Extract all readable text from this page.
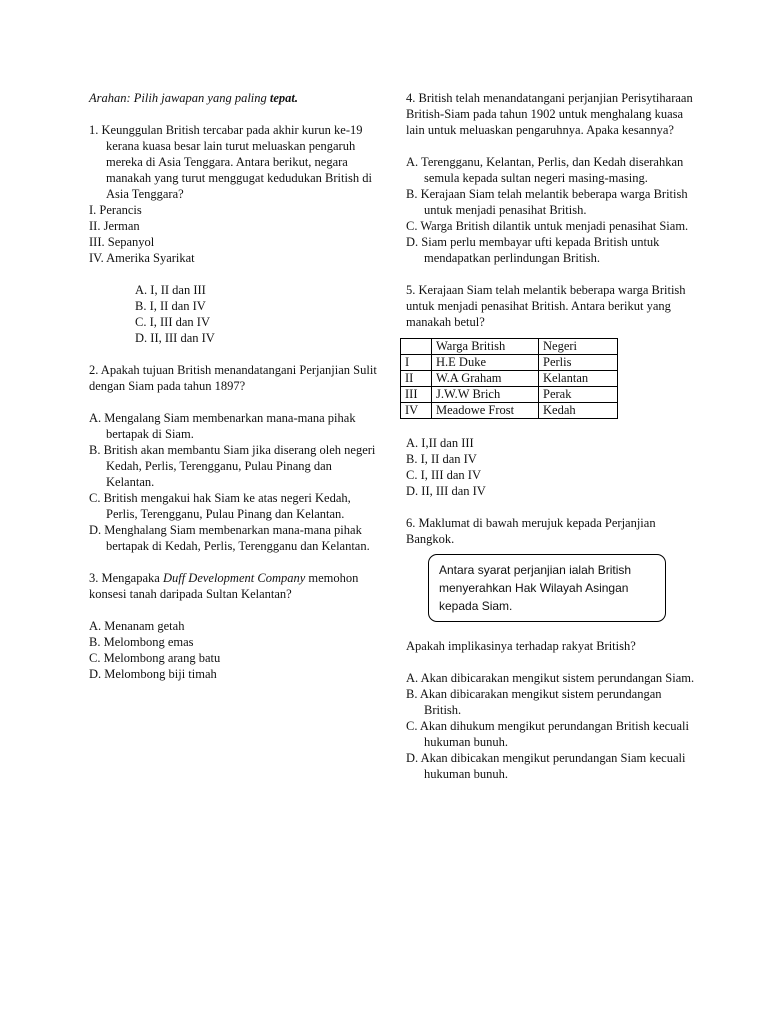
Arahan: Pilih jawapan yang paling tepat.

1. Keunggulan British tercabar pada akhir kurun ke-19 kerana kuasa besar lain turut meluaskan pengaruh mereka di Asia Tenggara. Antara berikut, negara manakah yang turut menggugat kedudukan British di Asia Tenggara?

I. Perancis

II. Jerman

III. Sepanyol

IV. Amerika Syarikat

A. I, II dan III

B. I, II dan IV

C. I, III dan IV

D. II, III dan IV

2. Apakah tujuan British menandatangani Perjanjian Sulit dengan Siam pada tahun 1897?

A. Mengalang Siam membenarkan mana-mana pihak bertapak di Siam.

B. British akan membantu Siam jika diserang oleh negeri Kedah, Perlis, Terengganu, Pulau Pinang dan Kelantan.

C. British mengakui hak Siam ke atas negeri Kedah, Perlis, Terengganu, Pulau Pinang dan Kelantan.

D. Menghalang Siam membenarkan mana-mana pihak bertapak di Kedah, Perlis, Terengganu dan Kelantan.

3. Mengapaka Duff Development Company memohon konsesi tanah daripada Sultan Kelantan?

A. Menanam getah

B. Melombong emas

C. Melombong arang batu

D. Melombong biji timah

4. British telah menandatangani perjanjian Perisytiharaan British-Siam pada tahun 1902 untuk menghalang kuasa lain untuk meluaskan pengaruhnya. Apaka kesannya?

A. Terengganu, Kelantan, Perlis, dan Kedah diserahkan semula kepada sultan negeri masing-masing.

B. Kerajaan Siam telah melantik beberapa warga British untuk menjadi penasihat British.

C. Warga British dilantik untuk menjadi penasihat Siam.

D. Siam perlu membayar ufti kepada British untuk mendapatkan perlindungan British.

5. Kerajaan Siam telah melantik beberapa warga British untuk menjadi penasihat British. Antara berikut yang manakah betul?

	Warga British	Negeri
I	H.E Duke	Perlis
II	W.A Graham	Kelantan
III	J.W.W Brich	Perak
IV	Meadowe Frost	Kedah

A. I,II dan III

B. I, II dan IV

C. I, III dan IV

D. II, III dan IV

6. Maklumat di bawah merujuk kepada Perjanjian Bangkok.

Antara syarat perjanjian ialah British menyerahkan Hak Wilayah Asingan kepada Siam.

Apakah implikasinya terhadap rakyat British?

A. Akan dibicarakan mengikut sistem perundangan Siam.

B. Akan dibicarakan mengikut sistem perundangan British.

C. Akan dihukum mengikut perundangan British kecuali hukuman bunuh.

D. Akan dibicakan mengikut perundangan Siam kecuali hukuman bunuh.
